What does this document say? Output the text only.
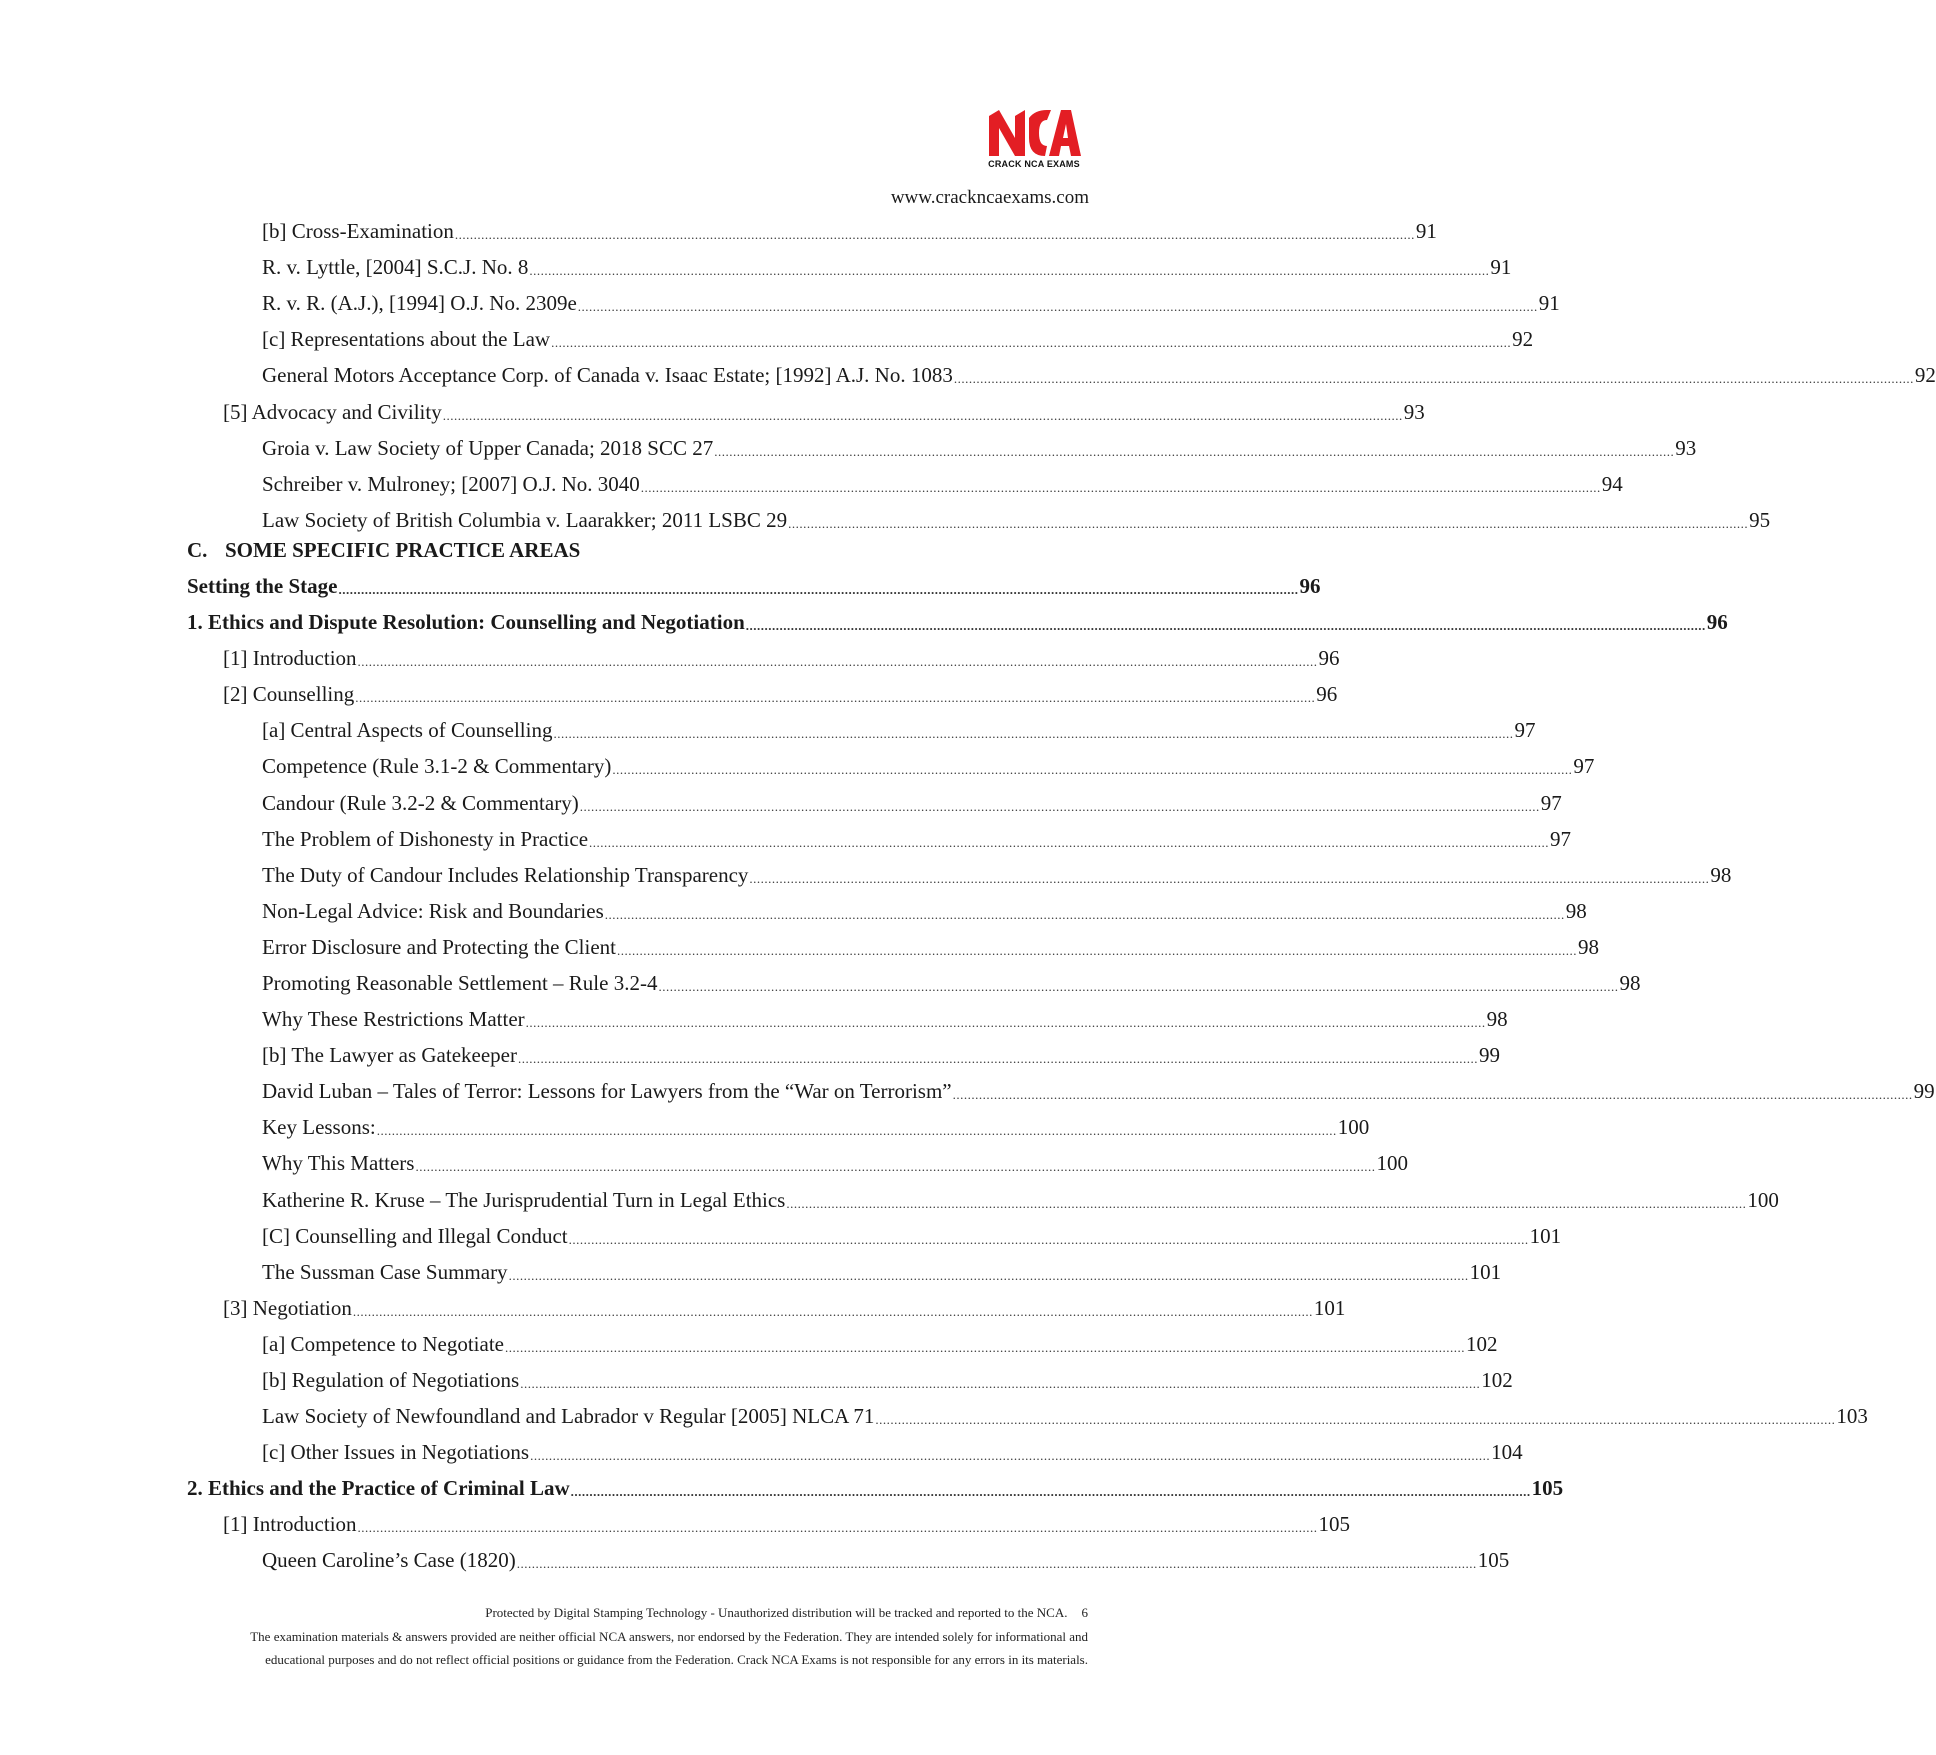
CRACK NCA EXAMS
www.crackncaexams.com
[b] Cross-Examination ................................................................................................................................................................................................................................................................ 91
R. v. Lyttle, [2004] S.C.J. No. 8 ................................................................................................................................................................................................................................................................ 91
R. v. R. (A.J.), [1994] O.J. No. 2309e ................................................................................................................................................................................................................................................................ 91
[c] Representations about the Law ................................................................................................................................................................................................................................................................ 92
General Motors Acceptance Corp. of Canada v. Isaac Estate; [1992] A.J. No. 1083 ................................................................................................................................................................................................................................................................ 92
[5] Advocacy and Civility ................................................................................................................................................................................................................................................................ 93
Groia v. Law Society of Upper Canada; 2018 SCC 27 ................................................................................................................................................................................................................................................................ 93
Schreiber v. Mulroney; [2007] O.J. No. 3040 ................................................................................................................................................................................................................................................................ 94
Law Society of British Columbia v. Laarakker; 2011 LSBC 29 ................................................................................................................................................................................................................................................................ 95
C. SOME SPECIFIC PRACTICE AREAS
Setting the Stage ................................................................................................................................................................................................................................................................ 96
1. Ethics and Dispute Resolution: Counselling and Negotiation ................................................................................................................................................................................................................................................................ 96
[1] Introduction ................................................................................................................................................................................................................................................................ 96
[2] Counselling ................................................................................................................................................................................................................................................................ 96
[a] Central Aspects of Counselling ................................................................................................................................................................................................................................................................ 97
Competence (Rule 3.1-2 & Commentary) ................................................................................................................................................................................................................................................................ 97
Candour (Rule 3.2-2 & Commentary) ................................................................................................................................................................................................................................................................ 97
The Problem of Dishonesty in Practice ................................................................................................................................................................................................................................................................ 97
The Duty of Candour Includes Relationship Transparency ................................................................................................................................................................................................................................................................ 98
Non-Legal Advice: Risk and Boundaries ................................................................................................................................................................................................................................................................ 98
Error Disclosure and Protecting the Client ................................................................................................................................................................................................................................................................ 98
Promoting Reasonable Settlement – Rule 3.2-4 ................................................................................................................................................................................................................................................................ 98
Why These Restrictions Matter ................................................................................................................................................................................................................................................................ 98
[b] The Lawyer as Gatekeeper ................................................................................................................................................................................................................................................................ 99
David Luban – Tales of Terror: Lessons for Lawyers from the “War on Terrorism” ................................................................................................................................................................................................................................................................ 99
Key Lessons: ................................................................................................................................................................................................................................................................ 100
Why This Matters ................................................................................................................................................................................................................................................................ 100
Katherine R. Kruse – The Jurisprudential Turn in Legal Ethics ................................................................................................................................................................................................................................................................ 100
[C] Counselling and Illegal Conduct ................................................................................................................................................................................................................................................................ 101
The Sussman Case Summary ................................................................................................................................................................................................................................................................ 101
[3] Negotiation ................................................................................................................................................................................................................................................................ 101
[a] Competence to Negotiate ................................................................................................................................................................................................................................................................ 102
[b] Regulation of Negotiations ................................................................................................................................................................................................................................................................ 102
Law Society of Newfoundland and Labrador v Regular [2005] NLCA 71 ................................................................................................................................................................................................................................................................ 103
[c] Other Issues in Negotiations ................................................................................................................................................................................................................................................................ 104
2. Ethics and the Practice of Criminal Law ................................................................................................................................................................................................................................................................ 105
[1] Introduction ................................................................................................................................................................................................................................................................ 105
Queen Caroline’s Case (1820) ................................................................................................................................................................................................................................................................ 105
Protected by Digital Stamping Technology - Unauthorized distribution will be tracked and reported to the NCA. 6
The examination materials & answers provided are neither official NCA answers, nor endorsed by the Federation. They are intended solely for informational and
educational purposes and do not reflect official positions or guidance from the Federation. Crack NCA Exams is not responsible for any errors in its materials.
